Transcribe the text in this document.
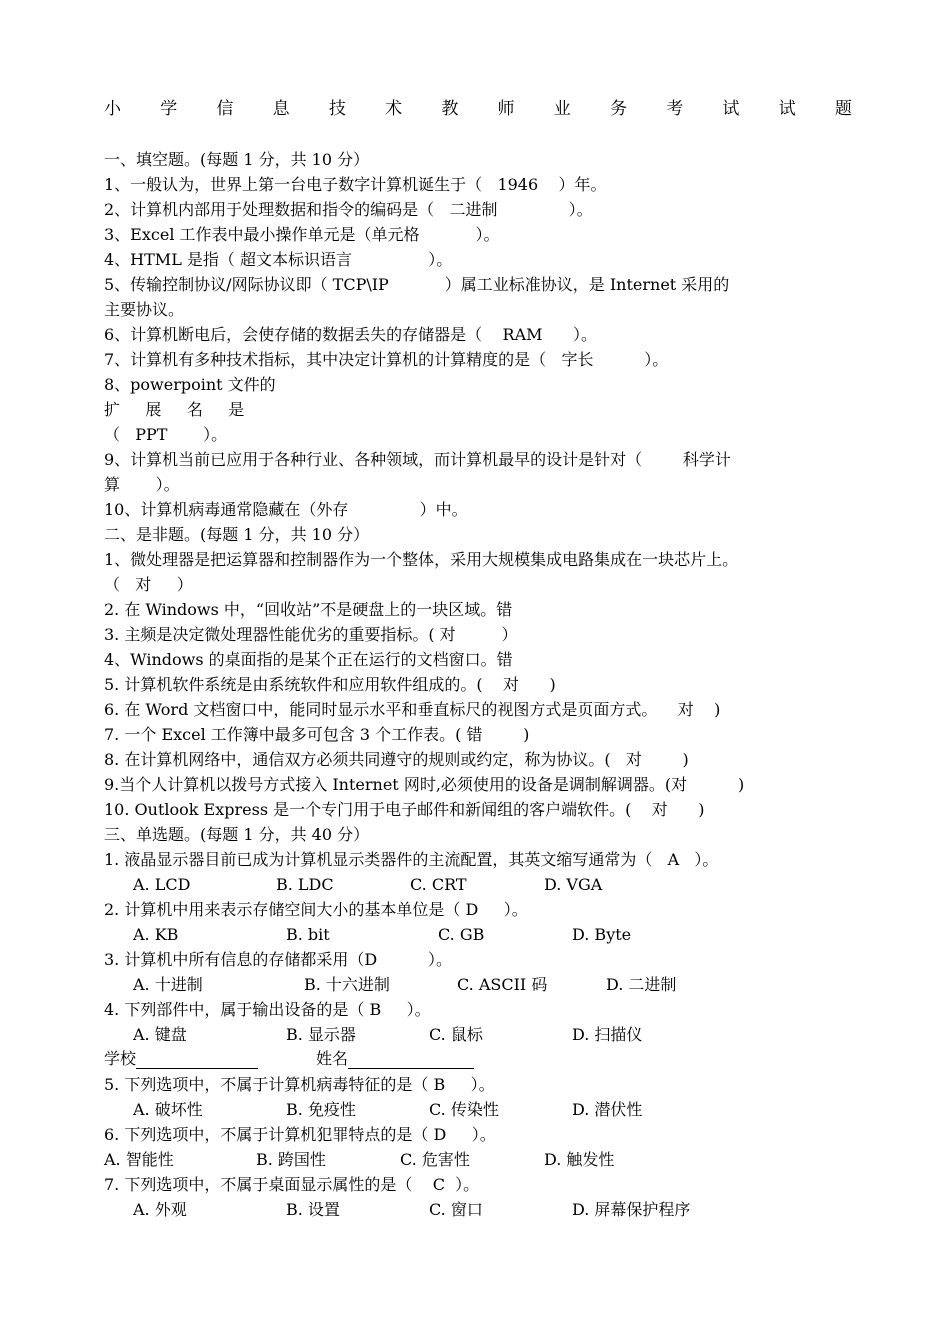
小 学 信 息 技 术 教 师 业 务 考 试 试 题
一、填空题。(每题 1 分，共 10 分）
1、一般认为，世界上第一台电子数字计算机诞生于（   1946    ）年。
2、计算机内部用于处理数据和指令的编码是（   二进制              ）。
3、Excel 工作表中最小操作单元是（单元格           ）。
4、HTML 是指（ 超文本标识语言               ）。
5、传输控制协议/网际协议即（ TCP\IP           ）属工业标准协议，是 Internet 采用的
主要协议。
6、计算机断电后，会使存储的数据丢失的存储器是（    RAM      ）。
7、计算机有多种技术指标，其中决定计算机的计算精度的是（   字长          ）。
8、powerpoint 文件的
扩     展     名     是
（   PPT       ）。
9、计算机当前已应用于各种行业、各种领域，而计算机最早的设计是针对（        科学计
算       ）。
10、计算机病毒通常隐藏在（外存              ）中。
二、是非题。(每题 1 分，共 10 分）
1、微处理器是把运算器和控制器作为一个整体，采用大规模集成电路集成在一块芯片上。
（   对     ）
2. 在 Windows 中，“回收站”不是硬盘上的一块区域。错
3. 主频是决定微处理器性能优劣的重要指标。( 对         ）
4、Windows 的桌面指的是某个正在运行的文档窗口。错
5. 计算机软件系统是由系统软件和应用软件组成的。(    对      )
6. 在 Word 文档窗口中，能同时显示水平和垂直标尺的视图方式是页面方式。    对    )
7. 一个 Excel 工作簿中最多可包含 3 个工作表。( 错        )
8. 在计算机网络中，通信双方必须共同遵守的规则或约定，称为协议。(   对        )
9.当个人计算机以拨号方式接入 Internet 网时,必须使用的设备是调制解调器。(对          )
10. Outlook Express 是一个专门用于电子邮件和新闻组的客户端软件。(    对      )
三、单选题。(每题 1 分，共 40 分）
1. 液晶显示器目前已成为计算机显示类器件的主流配置，其英文缩写通常为（   A   ）。
A. LCD	B. LDC	C. CRT	D. VGA
2. 计算机中用来表示存储空间大小的基本单位是（ D     ）。
A. KB	B. bit	C. GB	D. Byte
3. 计算机中所有信息的存储都采用（D          ）。
A. 十进制	B. 十六进制	C. ASCII 码	D. 二进制
4. 下列部件中，属于输出设备的是（ B     ）。
A. 键盘	B. 显示器	C. 鼠标	D. 扫描仪
学校	姓名
5. 下列选项中，不属于计算机病毒特征的是（ B     ）。
A. 破坏性	B. 免疫性	C. 传染性	D. 潜伏性
6. 下列选项中，不属于计算机犯罪特点的是（ D     ）。
A. 智能性	B. 跨国性	C. 危害性	D. 触发性
7. 下列选项中，不属于桌面显示属性的是（    C  ）。
A. 外观	B. 设置	C. 窗口	D. 屏幕保护程序
